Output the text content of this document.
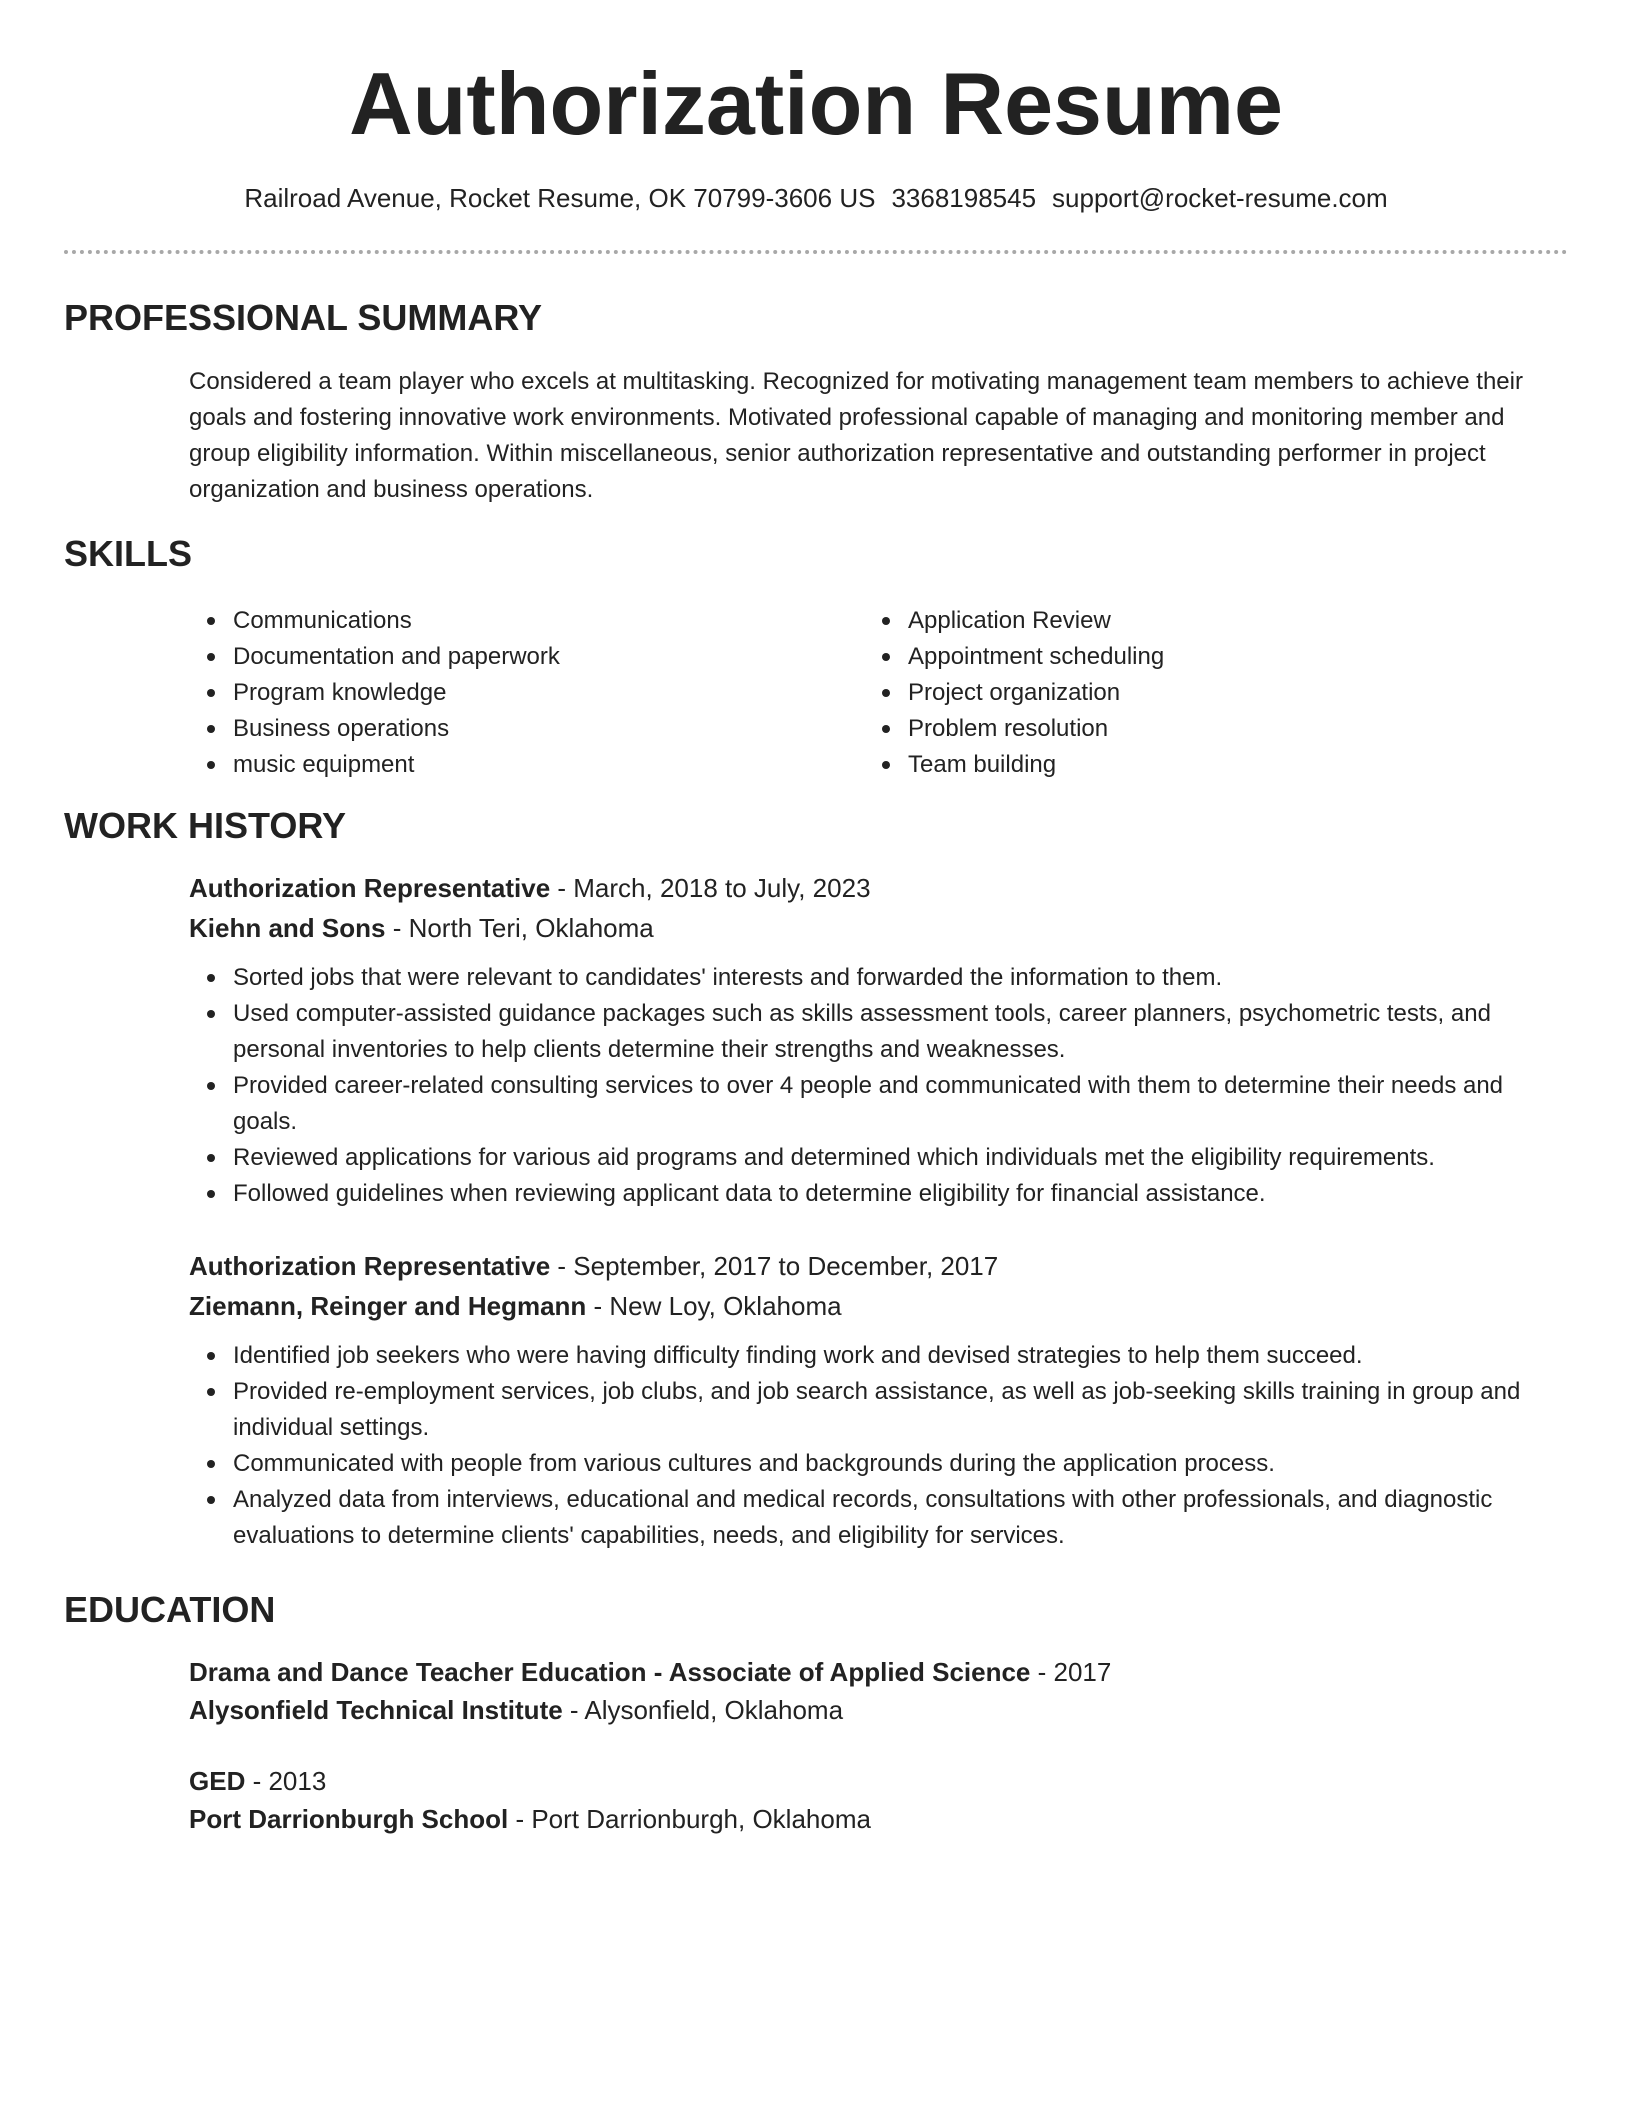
Authorization Resume
Railroad Avenue, Rocket Resume, OK 70799-3606 US 3368198545 support@rocket-resume.com
PROFESSIONAL SUMMARY

Considered a team player who excels at multitasking. Recognized for motivating management team members to achieve their goals and fostering innovative work environments. Motivated professional capable of managing and monitoring member and group eligibility information. Within miscellaneous, senior authorization representative and outstanding performer in project organization and business operations.

SKILLS
Communications
Documentation and paperwork
Program knowledge
Business operations
music equipment
Application Review
Appointment scheduling
Project organization
Problem resolution
Team building
WORK HISTORY
Authorization Representative - March, 2018 to July, 2023
Kiehn and Sons - North Teri, Oklahoma
Sorted jobs that were relevant to candidates' interests and forwarded the information to them.
Used computer-assisted guidance packages such as skills assessment tools, career planners, psychometric tests, and personal inventories to help clients determine their strengths and weaknesses.
Provided career-related consulting services to over 4 people and communicated with them to determine their needs and goals.
Reviewed applications for various aid programs and determined which individuals met the eligibility requirements.
Followed guidelines when reviewing applicant data to determine eligibility for financial assistance.
Authorization Representative - September, 2017 to December, 2017
Ziemann, Reinger and Hegmann - New Loy, Oklahoma
Identified job seekers who were having difficulty finding work and devised strategies to help them succeed.
Provided re-employment services, job clubs, and job search assistance, as well as job-seeking skills training in group and individual settings.
Communicated with people from various cultures and backgrounds during the application process.
Analyzed data from interviews, educational and medical records, consultations with other professionals, and diagnostic evaluations to determine clients' capabilities, needs, and eligibility for services.
EDUCATION
Drama and Dance Teacher Education - Associate of Applied Science - 2017
Alysonfield Technical Institute - Alysonfield, Oklahoma
GED - 2013
Port Darrionburgh School - Port Darrionburgh, Oklahoma
